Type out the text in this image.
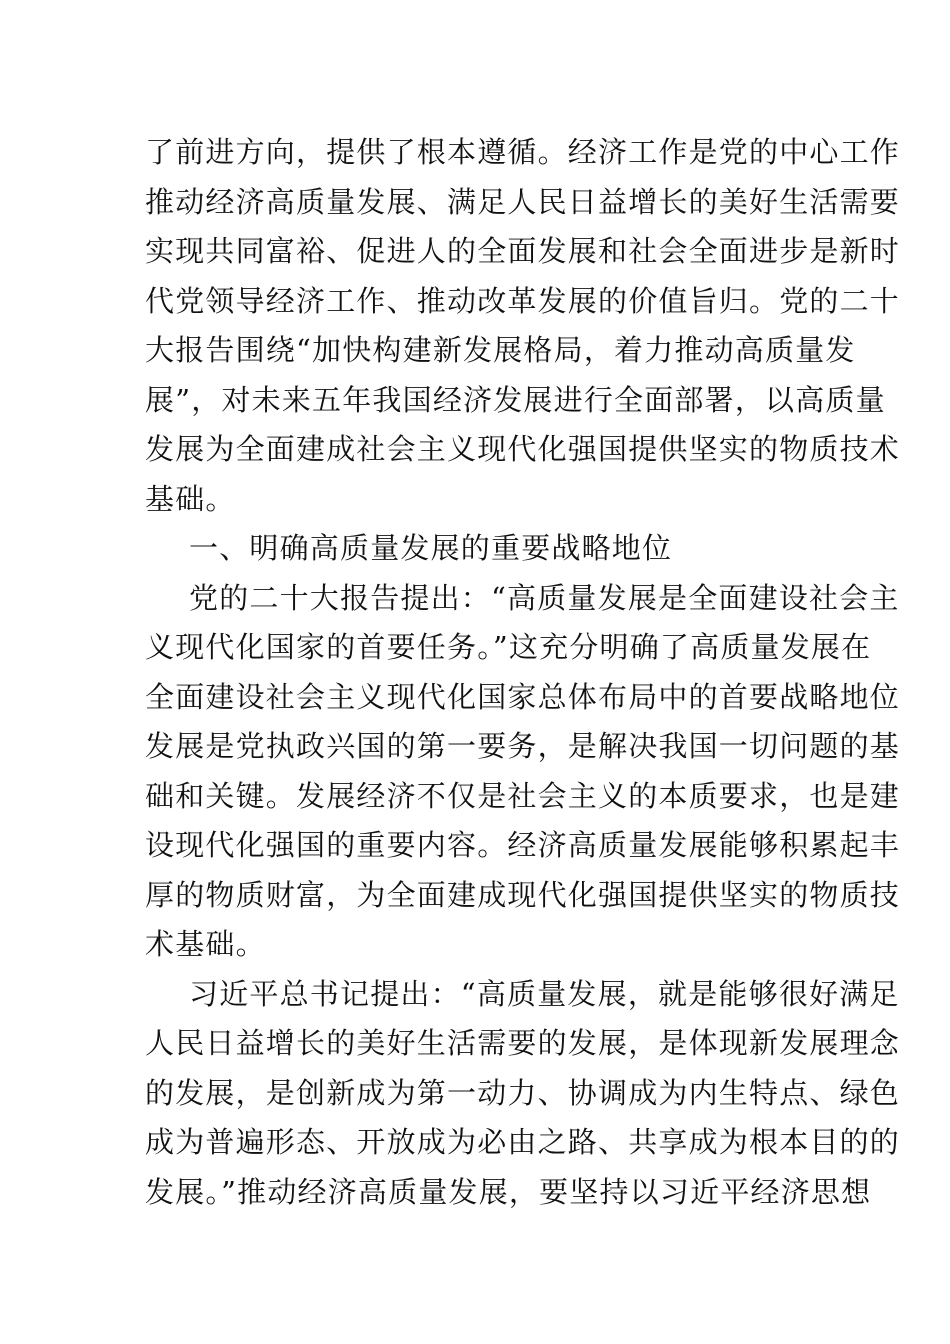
了前进方向，提供了根本遵循。经济工作是党的中心工作
推动经济高质量发展、满足人民日益增长的美好生活需要
实现共同富裕、促进人的全面发展和社会全面进步是新时
代党领导经济工作、推动改革发展的价值旨归。党的二十
大报告围绕“加快构建新发展格局，着力推动高质量发
展”，对未来五年我国经济发展进行全面部署，以高质量
发展为全面建成社会主义现代化强国提供坚实的物质技术
基础。
一、明确高质量发展的重要战略地位
党的二十大报告提出：“高质量发展是全面建设社会主
义现代化国家的首要任务。”这充分明确了高质量发展在
全面建设社会主义现代化国家总体布局中的首要战略地位
发展是党执政兴国的第一要务，是解决我国一切问题的基
础和关键。发展经济不仅是社会主义的本质要求，也是建
设现代化强国的重要内容。经济高质量发展能够积累起丰
厚的物质财富，为全面建成现代化强国提供坚实的物质技
术基础。
习近平总书记提出：“高质量发展，就是能够很好满足
人民日益增长的美好生活需要的发展，是体现新发展理念
的发展，是创新成为第一动力、协调成为内生特点、绿色
成为普遍形态、开放成为必由之路、共享成为根本目的的
发展。”推动经济高质量发展，要坚持以习近平经济思想
